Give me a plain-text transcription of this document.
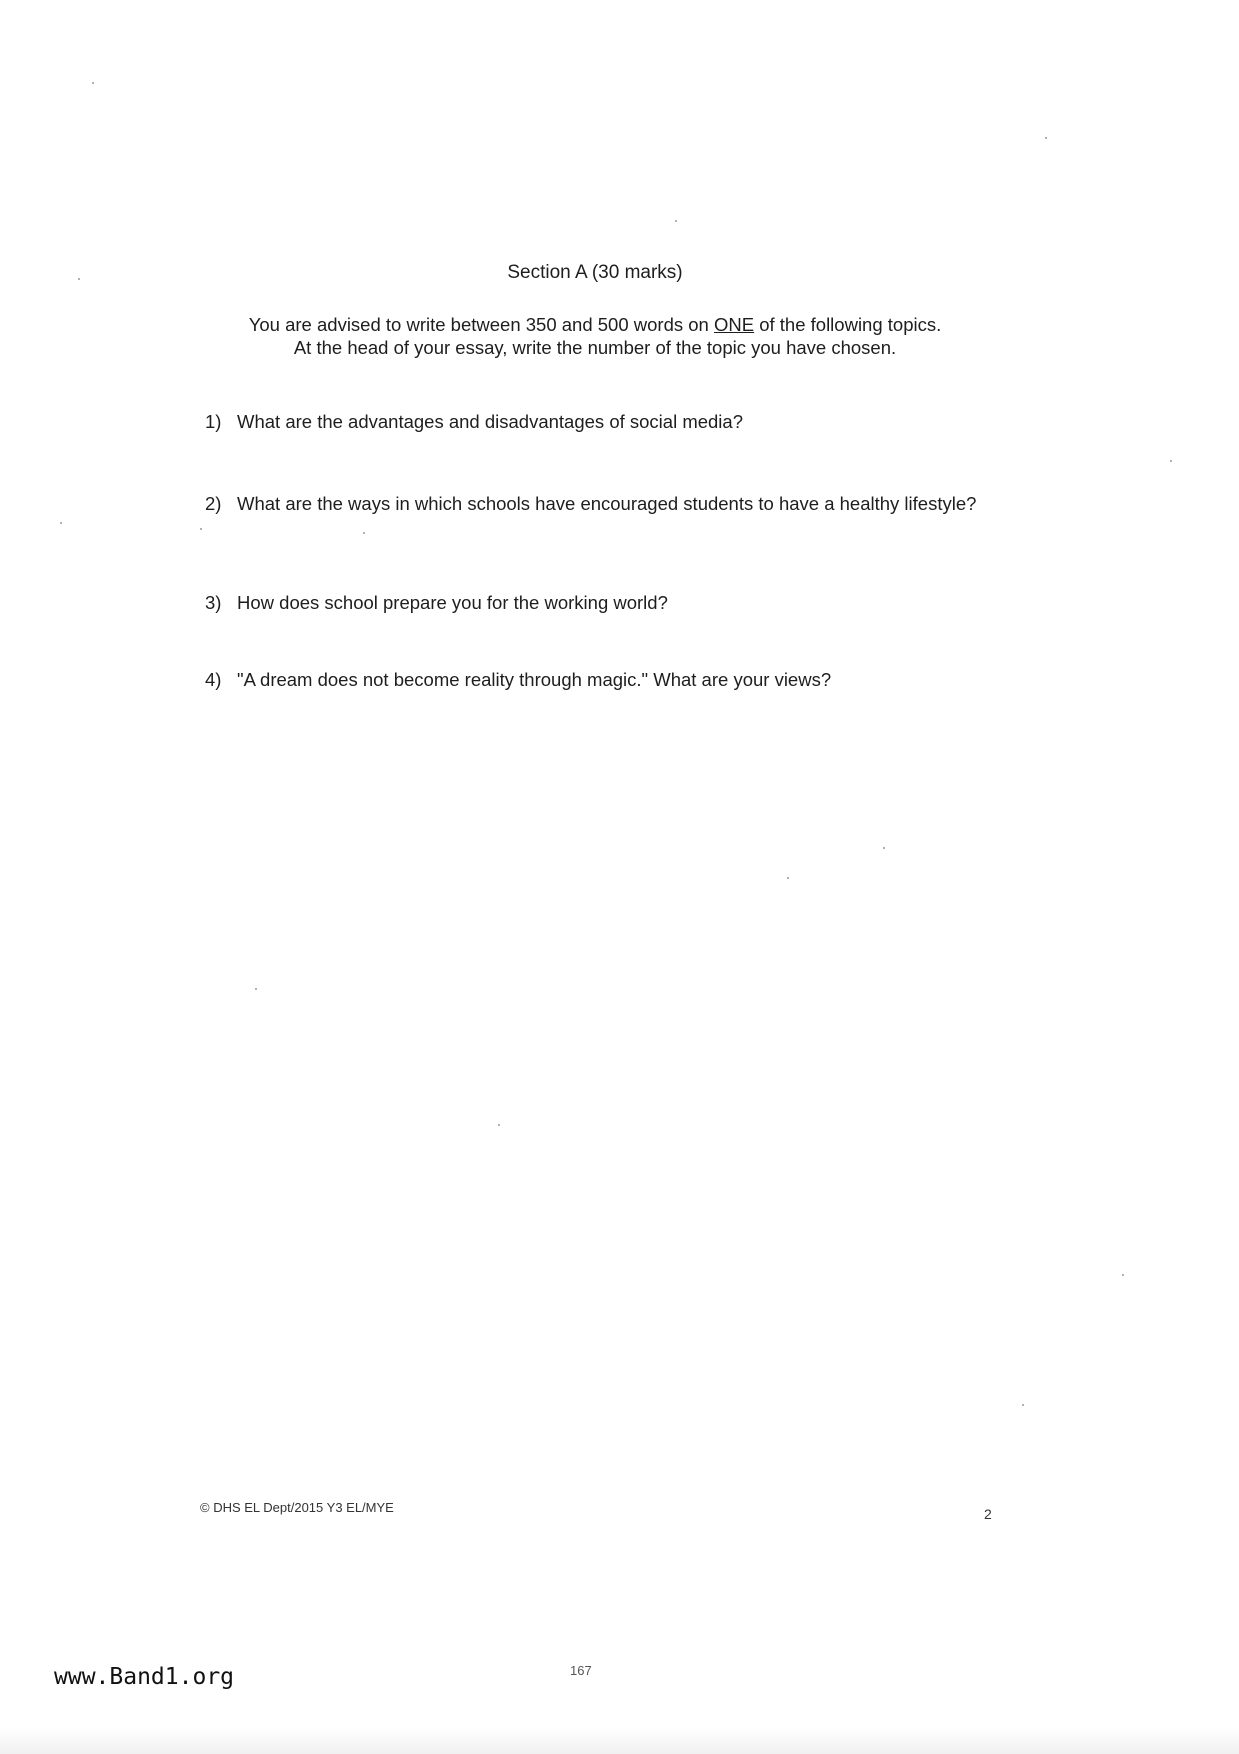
Section A (30 marks)
You are advised to write between 350 and 500 words on ONE of the following topics.
At the head of your essay, write the number of the topic you have chosen.
1) What are the advantages and disadvantages of social media?
2) What are the ways in which schools have encouraged students to have a healthy lifestyle?
3) How does school prepare you for the working world?
4) "A dream does not become reality through magic." What are your views?
© DHS EL Dept/2015 Y3 EL/MYE	2
167
www.Band1.org
